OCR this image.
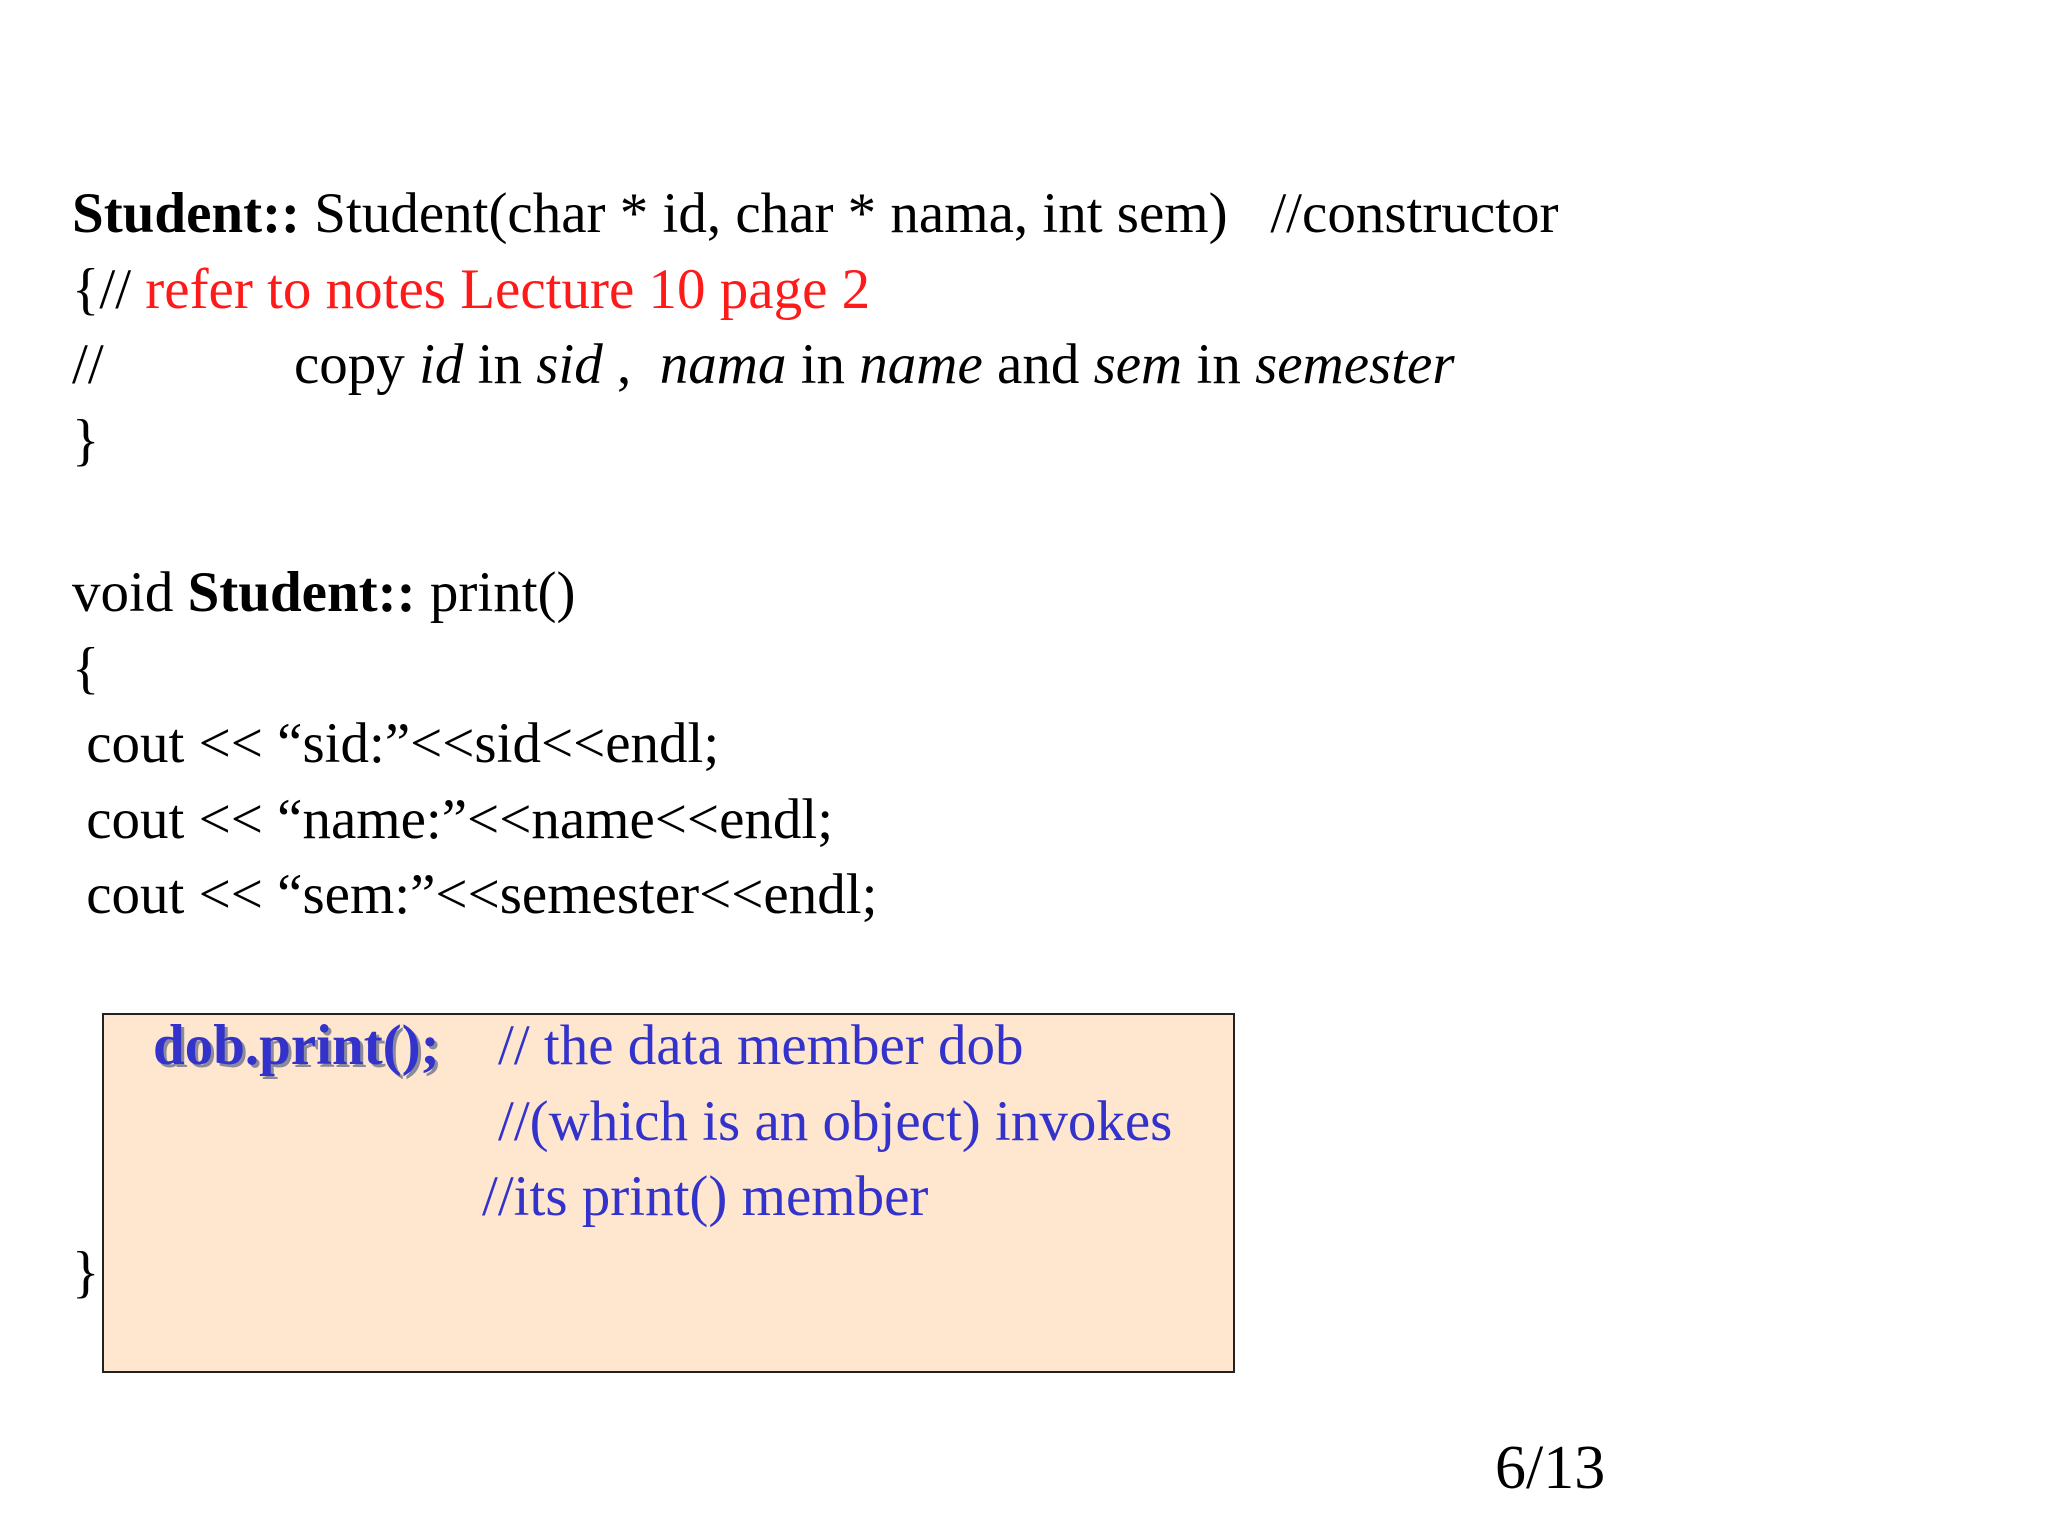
Student:: Student(char * id, char * nama, int sem)   //constructor
{// refer to notes Lecture 10 page 2
//	copy id in sid ,  nama in name and sem in semester
}
void Student:: print()
{
cout << “sid:”<<sid<<endl;
cout << “name:”<<name<<endl;
cout << “sem:”<<semester<<endl;
dob.print(); // the data member dob
//(which is an object) invokes
//its print() member
}
6/13
